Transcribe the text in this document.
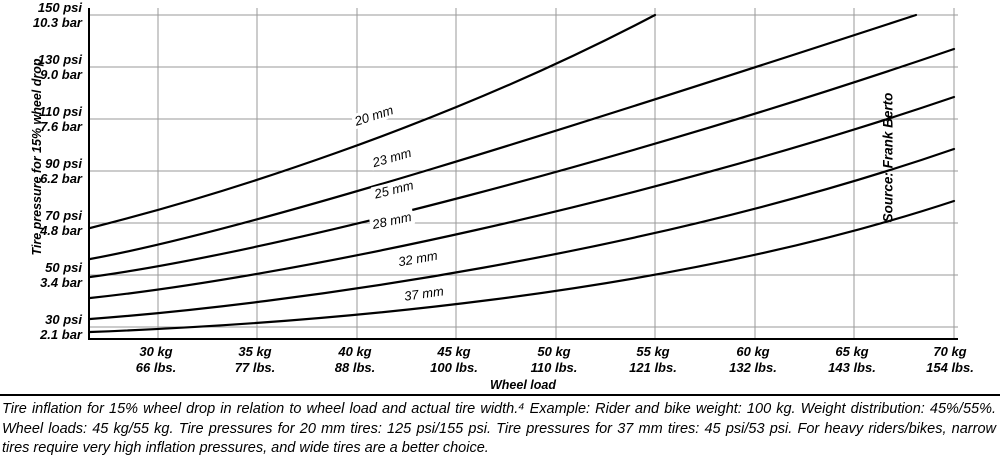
150 psi
10.3 bar
130 psi
9.0 bar
110 psi
7.6 bar
90 psi
6.2 bar
70 psi
4.8 bar
50 psi
3.4 bar
30 psi
2.1 bar
Tire pressure for 15% wheel drop	20 mm
23 mm
25 mm
28 mm
32 mm
37 mm
30 kg
66 lbs.
35 kg
77 lbs.
40 kg
88 lbs.
45 kg
100 lbs.
50 kg
110 lbs.
55 kg
121 lbs.
60 kg
132 lbs.
65 kg
143 lbs.
70 kg
154 lbs.
Wheel load
Source: Frank Berto
Tire inflation for 15% wheel drop in relation to wheel load and actual tire width.⁴ Example: Rider and bike weight: 100 kg. Weight distribution: 45%/55%. Wheel loads: 45 kg/55 kg. Tire pressures for 20 mm tires: 125 psi/155 psi. Tire pressures for 37 mm tires: 45 psi/53 psi. For heavy riders/bikes, narrow tires require very high inflation pressures, and wide tires are a better choice.
